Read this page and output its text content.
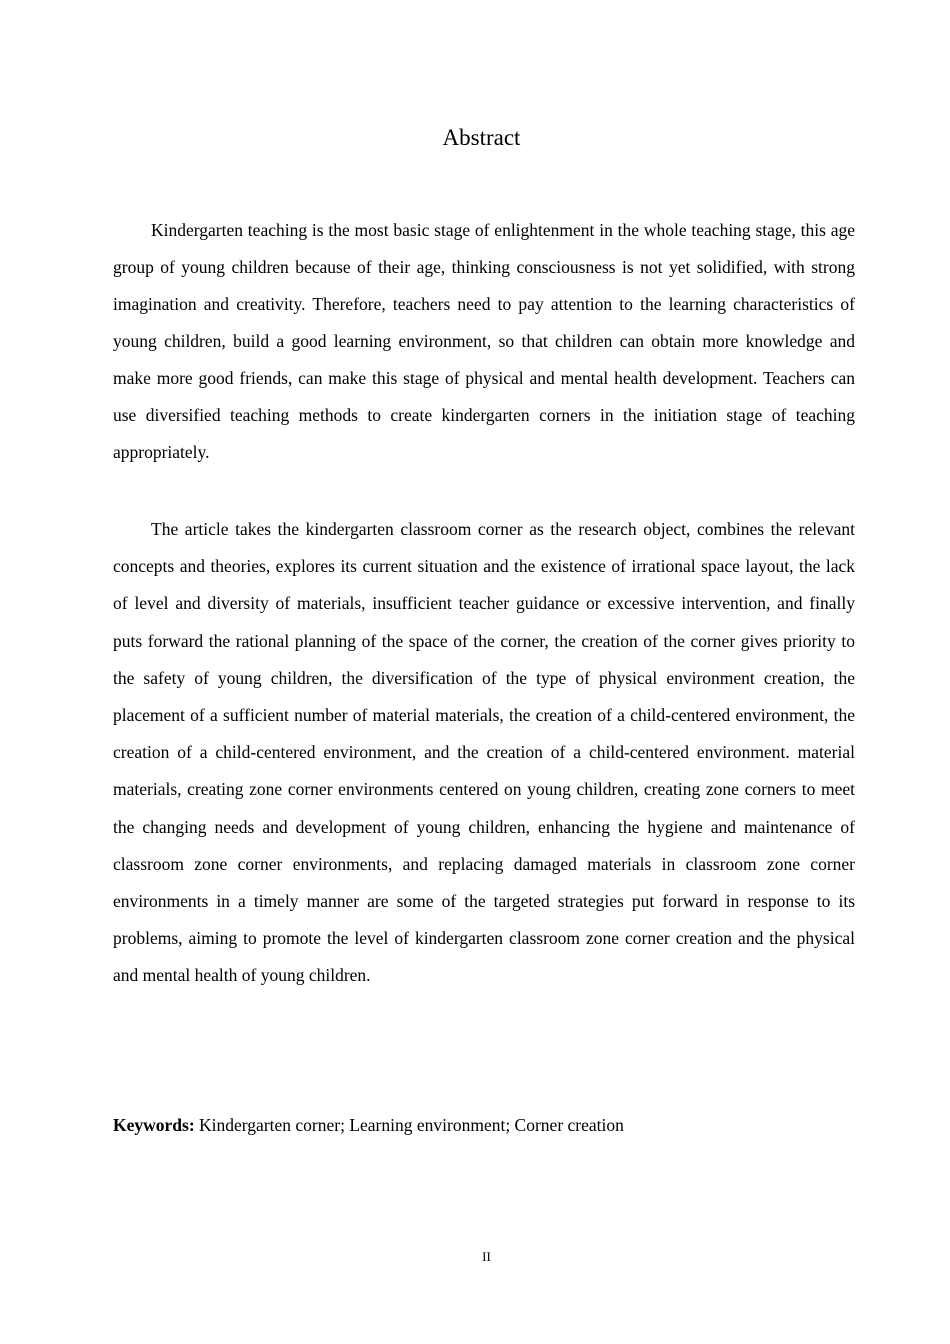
Abstract

Kindergarten teaching is the most basic stage of enlightenment in the whole teaching stage, this age group of young children because of their age, thinking consciousness is not yet solidified, with strong imagination and creativity. Therefore, teachers need to pay attention to the learning characteristics of young children, build a good learning environment, so that children can obtain more knowledge and make more good friends, can make this stage of physical and mental health development. Teachers can use diversified teaching methods to create kindergarten corners in the initiation stage of teaching appropriately.

The article takes the kindergarten classroom corner as the research object, combines the relevant concepts and theories, explores its current situation and the existence of irrational space layout, the lack of level and diversity of materials, insufficient teacher guidance or excessive intervention, and finally puts forward the rational planning of the space of the corner, the creation of the corner gives priority to the safety of young children, the diversification of the type of physical environment creation, the placement of a sufficient number of material materials, the creation of a child-centered environment, the creation of a child-centered environment, and the creation of a child-centered environment. material materials, creating zone corner environments centered on young children, creating zone corners to meet the changing needs and development of young children, enhancing the hygiene and maintenance of classroom zone corner environments, and replacing damaged materials in classroom zone corner environments in a timely manner are some of the targeted strategies put forward in response to its problems, aiming to promote the level of kindergarten classroom zone corner creation and the physical and mental health of young children.

Keywords: Kindergarten corner; Learning environment; Corner creation
II
